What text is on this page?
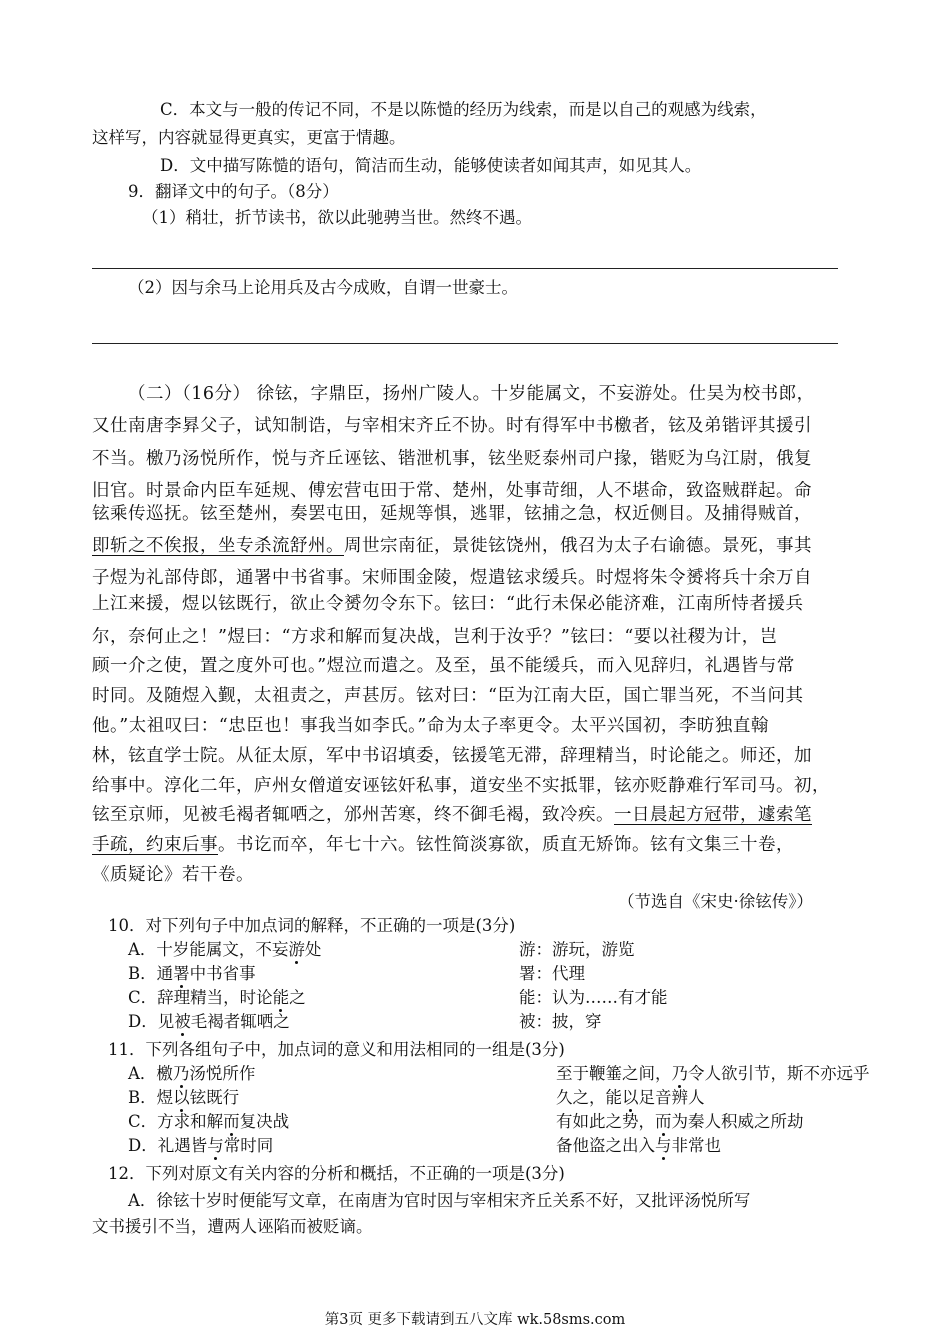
C．本文与一般的传记不同，不是以陈慥的经历为线索，而是以自己的观感为线索，
这样写，内容就显得更真实，更富于情趣。
D．文中描写陈慥的语句，简洁而生动，能够使读者如闻其声，如见其人。
9．翻译文中的句子。（8分）
（1）稍壮，折节读书，欲以此驰骋当世。然终不遇。
（2）因与余马上论用兵及古今成败，自谓一世豪士。
（二）（16分） 徐铉，字鼎臣，扬州广陵人。十岁能属文，不妄游处。仕吴为校书郎，
又仕南唐李昪父子，试知制诰，与宰相宋齐丘不协。时有得军中书檄者，铉及弟锴评其援引
不当。檄乃汤悦所作，悦与齐丘诬铉、锴泄机事，铉坐贬泰州司户掾，锴贬为乌江尉，俄复
旧官。时景命内臣车延规、傅宏营屯田于常、楚州，处事苛细，人不堪命，致盗贼群起。命
铉乘传巡抚。铉至楚州，奏罢屯田，延规等惧，逃罪，铉捕之急，权近侧目。及捕得贼首，
即斩之不俟报，坐专杀流舒州。周世宗南征，景徙铉饶州，俄召为太子右谕德。景死，事其
子煜为礼部侍郎，通署中书省事。宋师围金陵，煜遣铉求缓兵。时煜将朱令赟将兵十余万自
上江来援，煜以铉既行，欲止令赟勿令东下。铉曰：“此行未保必能济难，江南所恃者援兵
尔，奈何止之！”煜曰：“方求和解而复决战，岂利于汝乎？”铉曰：“要以社稷为计，岂
顾一介之使，置之度外可也。”煜泣而遣之。及至，虽不能缓兵，而入见辞归，礼遇皆与常
时同。及随煜入觐，太祖责之，声甚厉。铉对曰：“臣为江南大臣，国亡罪当死，不当问其
他。”太祖叹曰：“忠臣也！事我当如李氏。”命为太子率更令。太平兴国初，李昉独直翰
林，铉直学士院。从征太原，军中书诏填委，铉援笔无滞，辞理精当，时论能之。师还，加
给事中。淳化二年，庐州女僧道安诬铉奸私事，道安坐不实抵罪，铉亦贬静难行军司马。初，
铉至京师，见被毛褐者辄哂之，邠州苦寒，终不御毛褐，致冷疾。一日晨起方冠带，遽索笔
手疏，约束后事。书讫而卒，年七十六。铉性简淡寡欲，质直无矫饰。铉有文集三十卷，
《质疑论》若干卷。
（节选自《宋史·徐铉传》）
10．对下列句子中加点词的解释，不正确的一项是(3分)
A．十岁能属文，不妄游处	游：游玩，游览
B．通署中书省事	署：代理
C．辞理精当，时论能之	能：认为……有才能
D．见被毛褐者辄哂之	被：披，穿
11．下列各组句子中，加点词的意义和用法相同的一组是(3分)
A．檄乃汤悦所作	至于鞭箠之间，乃令人欲引节，斯不亦远乎
B．煜以铉既行	久之，能以足音辨人
C．方求和解而复决战	有如此之势，而为秦人积威之所劫
D．礼遇皆与常时同	备他盗之出入与非常也
12．下列对原文有关内容的分析和概括，不正确的一项是(3分)
A．徐铉十岁时便能写文章，在南唐为官时因与宰相宋齐丘关系不好，又批评汤悦所写
文书援引不当，遭两人诬陷而被贬谪。
第3页 更多下载请到五八文库 wk.58sms.com
